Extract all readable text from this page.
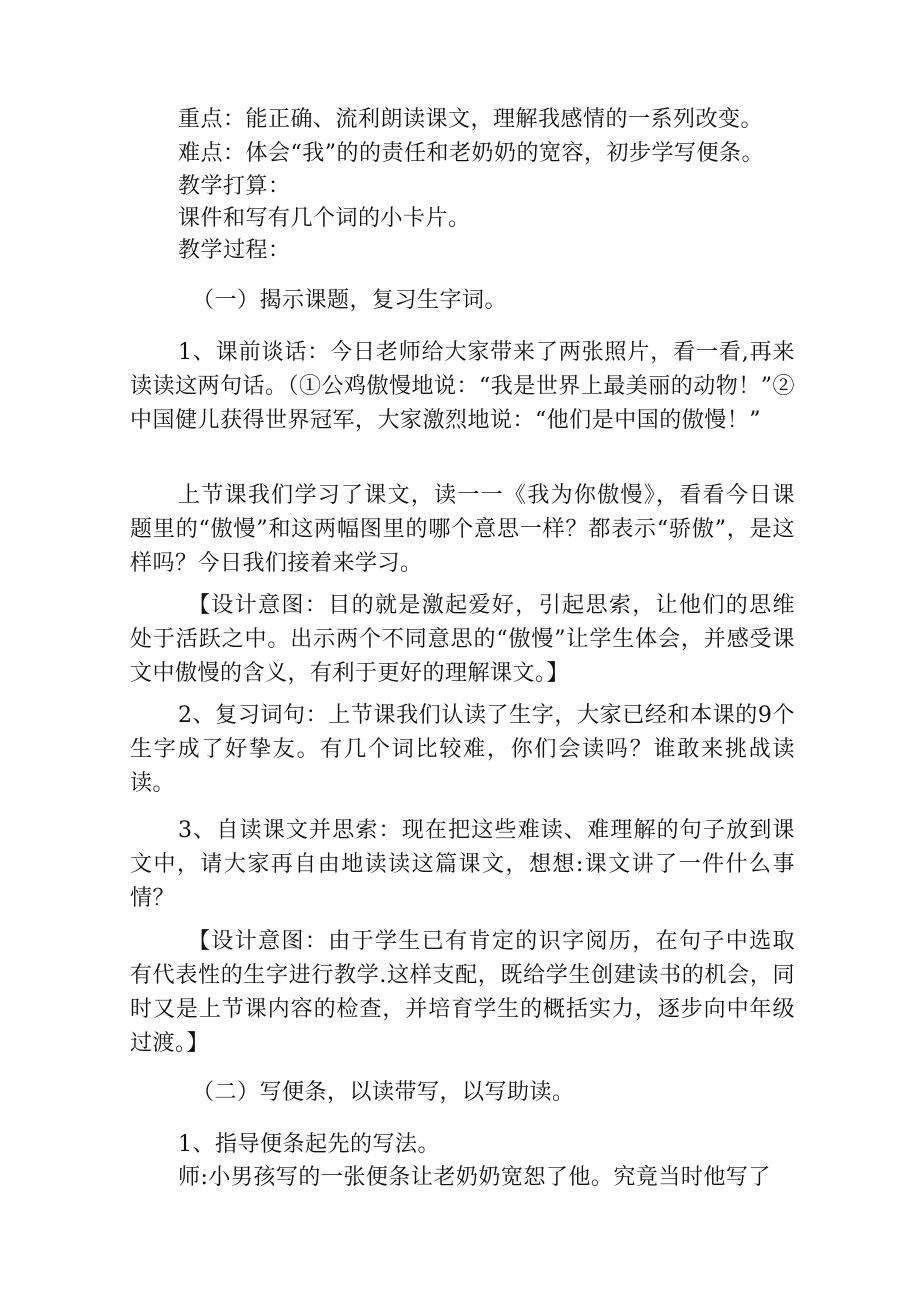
重点：能正确、流利朗读课文，理解我感情的一系列改变。
难点：体会“我”的的责任和老奶奶的宽容，初步学写便条。
教学打算：
课件和写有几个词的小卡片。
教学过程：
（一）揭示课题，复习生字词。
1、课前谈话：今日老师给大家带来了两张照片，看一看,再来读读这两句话。（①公鸡傲慢地说：“我是世界上最美丽的动物！”②中国健儿获得世界冠军，大家激烈地说：“他们是中国的傲慢！”
上节课我们学习了课文，读一一《我为你傲慢》，看看今日课题里的“傲慢”和这两幅图里的哪个意思一样？都表示“骄傲”，是这样吗？今日我们接着来学习。
【设计意图：目的就是激起爱好，引起思索，让他们的思维处于活跃之中。出示两个不同意思的“傲慢”让学生体会，并感受课文中傲慢的含义，有利于更好的理解课文。】
2、复习词句：上节课我们认读了生字，大家已经和本课的9个生字成了好挚友。有几个词比较难，你们会读吗？谁敢来挑战读读。
3、自读课文并思索：现在把这些难读、难理解的句子放到课文中，请大家再自由地读读这篇课文，想想:课文讲了一件什么事情？
【设计意图：由于学生已有肯定的识字阅历，在句子中选取有代表性的生字进行教学.这样支配，既给学生创建读书的机会，同时又是上节课内容的检查，并培育学生的概括实力，逐步向中年级过渡。】
（二）写便条，以读带写，以写助读。
1、指导便条起先的写法。
师:小男孩写的一张便条让老奶奶宽恕了他。究竟当时他写了
